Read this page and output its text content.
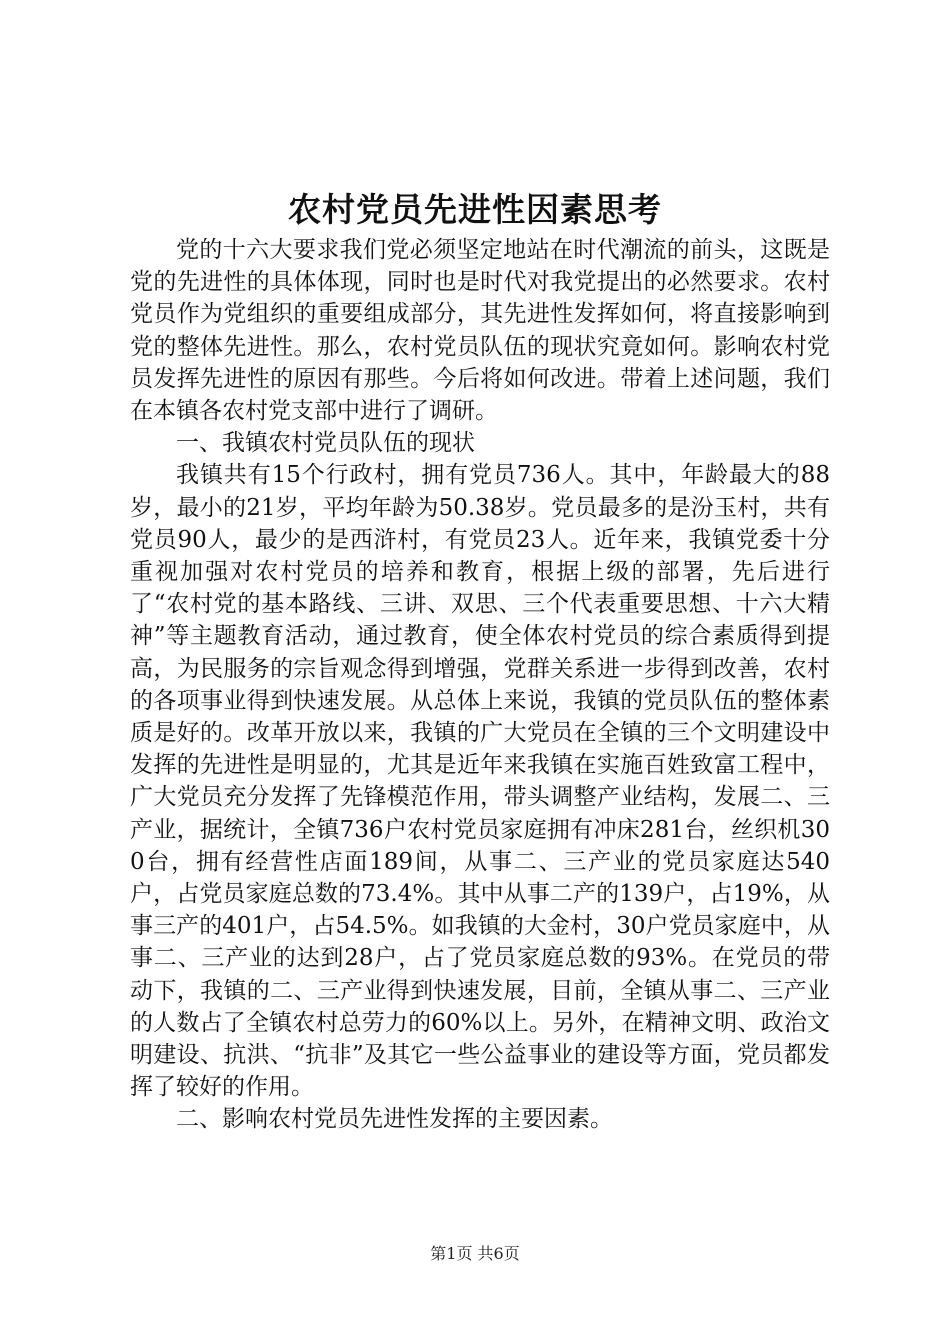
农村党员先进性因素思考

党的十六大要求我们党必须坚定地站在时代潮流的前头，这既是党的先进性的具体体现，同时也是时代对我党提出的必然要求。农村党员作为党组织的重要组成部分，其先进性发挥如何，将直接影响到党的整体先进性。那么，农村党员队伍的现状究竟如何。影响农村党员发挥先进性的原因有那些。今后将如何改进。带着上述问题，我们在本镇各农村党支部中进行了调研。

一、我镇农村党员队伍的现状

我镇共有15个行政村，拥有党员736人。其中，年龄最大的88岁，最小的21岁，平均年龄为50.38岁。党员最多的是汾玉村，共有党员90人，最少的是西浒村，有党员23人。近年来，我镇党委十分重视加强对农村党员的培养和教育，根据上级的部署，先后进行了“农村党的基本路线、三讲、双思、三个代表重要思想、十六大精神”等主题教育活动，通过教育，使全体农村党员的综合素质得到提高，为民服务的宗旨观念得到增强，党群关系进一步得到改善，农村的各项事业得到快速发展。从总体上来说，我镇的党员队伍的整体素质是好的。改革开放以来，我镇的广大党员在全镇的三个文明建设中发挥的先进性是明显的，尤其是近年来我镇在实施百姓致富工程中，广大党员充分发挥了先锋模范作用，带头调整产业结构，发展二、三产业，据统计，全镇736户农村党员家庭拥有冲床281台，丝织机300台，拥有经营性店面189间，从事二、三产业的党员家庭达540户，占党员家庭总数的73.4%。其中从事二产的139户，占19%，从事三产的401户，占54.5%。如我镇的大金村，30户党员家庭中，从事二、三产业的达到28户，占了党员家庭总数的93%。在党员的带动下，我镇的二、三产业得到快速发展，目前，全镇从事二、三产业的人数占了全镇农村总劳力的60%以上。另外，在精神文明、政治文明建设、抗洪、“抗非”及其它一些公益事业的建设等方面，党员都发挥了较好的作用。

二、影响农村党员先进性发挥的主要因素。

第1页 共6页
